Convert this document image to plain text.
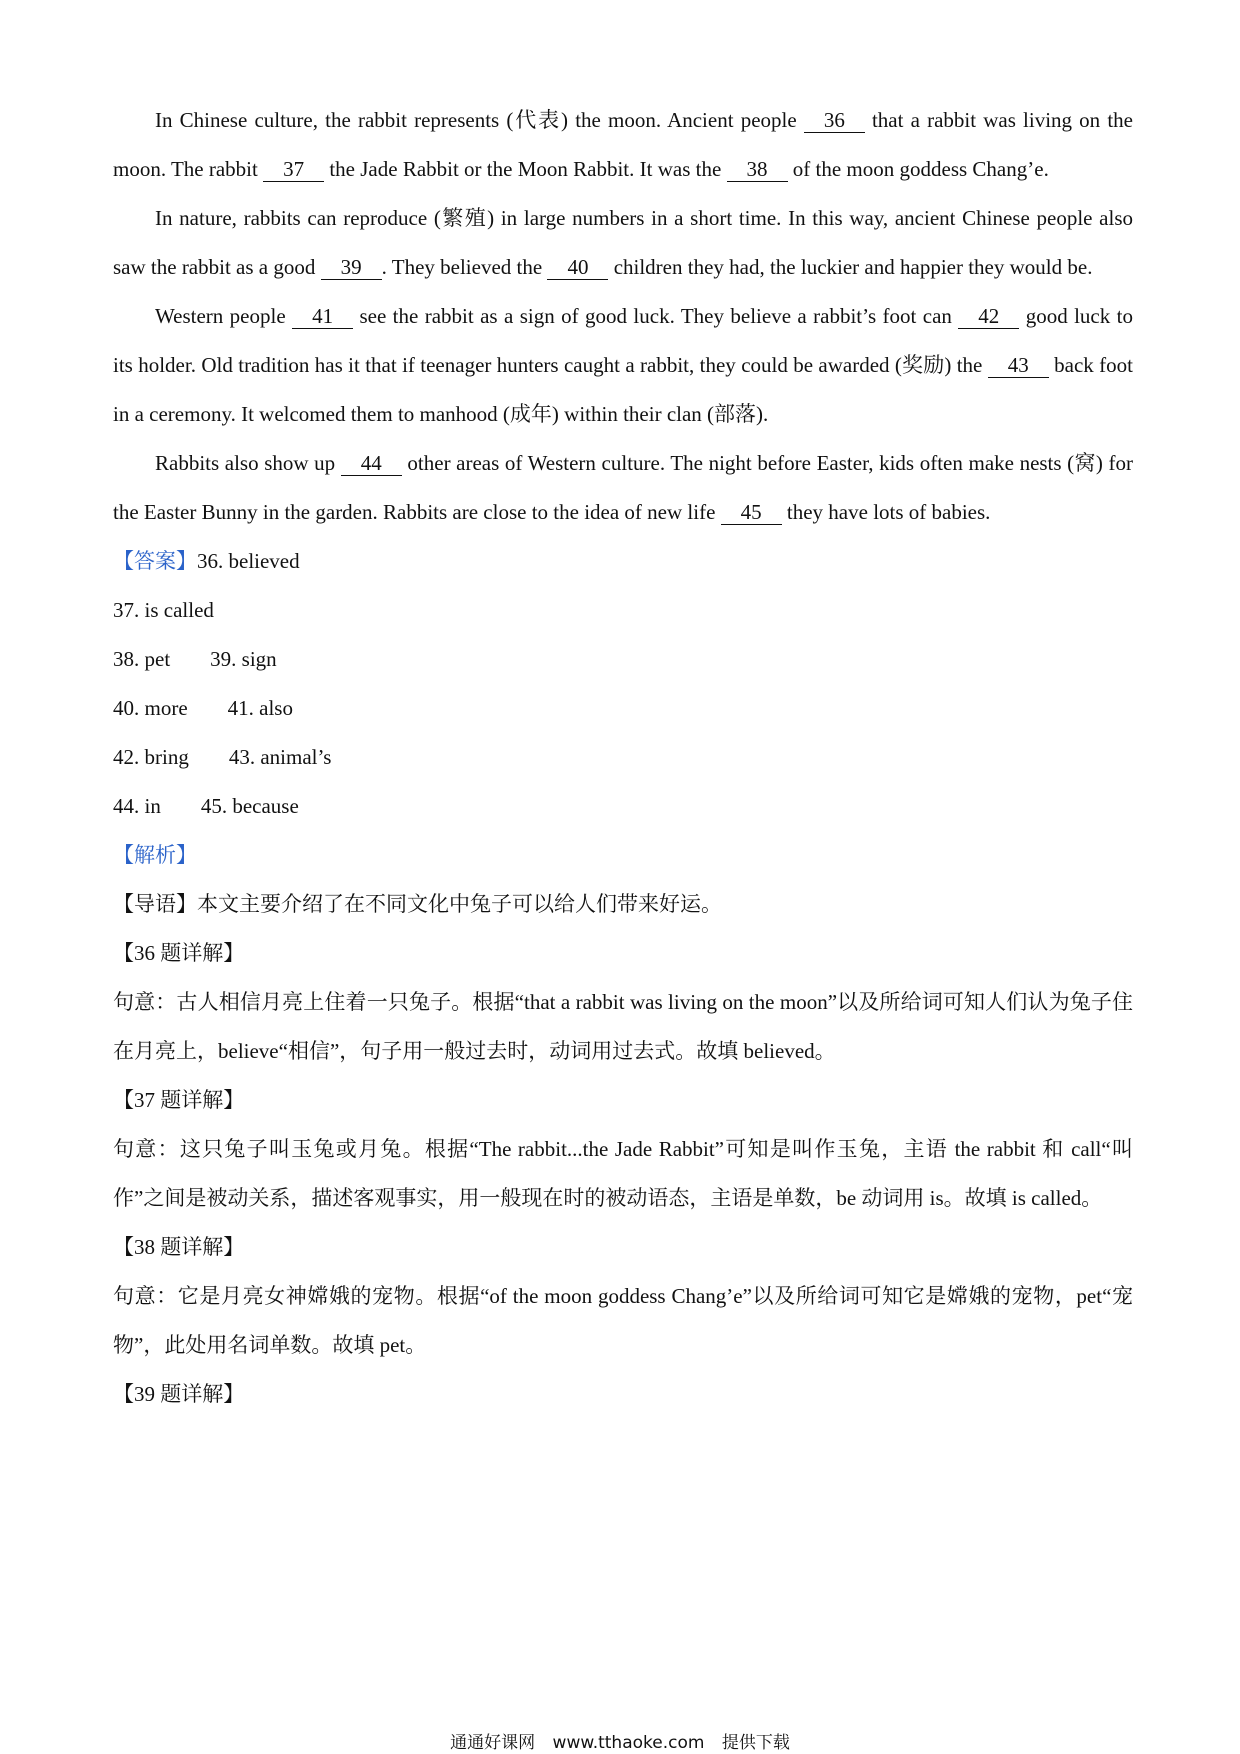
In Chinese culture, the rabbit represents (代表) the moon. Ancient people 36 that a rabbit was living on the moon. The rabbit 37 the Jade Rabbit or the Moon Rabbit. It was the 38 of the moon goddess Chang’e.

In nature, rabbits can reproduce (繁殖) in large numbers in a short time. In this way, ancient Chinese people also saw the rabbit as a good 39 . They believed the 40 children they had, the luckier and happier they would be.

Western people 41 see the rabbit as a sign of good luck. They believe a rabbit’s foot can 42 good luck to its holder. Old tradition has it that if teenager hunters caught a rabbit, they could be awarded (奖励) the 43 back foot in a ceremony. It welcomed them to manhood (成年) within their clan (部落).

Rabbits also show up 44 other areas of Western culture. The night before Easter, kids often make nests (窝) for the Easter Bunny in the garden. Rabbits are close to the idea of new life 45 they have lots of babies.

【答案】36. believed

37. is called

38. pet 39. sign

40. more 41. also

42. bring 43. animal’s

44. in 45. because

【解析】

【导语】本文主要介绍了在不同文化中兔子可以给人们带来好运。

【36 题详解】

句意：古人相信月亮上住着一只兔子。根据“that a rabbit was living on the moon”以及所给词可知人们认为兔子住在月亮上，believe“相信”，句子用一般过去时，动词用过去式。故填 believed。

【37 题详解】

句意：这只兔子叫玉兔或月兔。根据“The rabbit...the Jade Rabbit”可知是叫作玉兔，主语 the rabbit 和 call“叫作”之间是被动关系，描述客观事实，用一般现在时的被动语态，主语是单数，be 动词用 is。故填 is called。

【38 题详解】

句意：它是月亮女神嫦娥的宠物。根据“of the moon goddess Chang’e”以及所给词可知它是嫦娥的宠物，pet“宠物”，此处用名词单数。故填 pet。

【39 题详解】

通通好课网 www.tthaoke.com 提供下载
